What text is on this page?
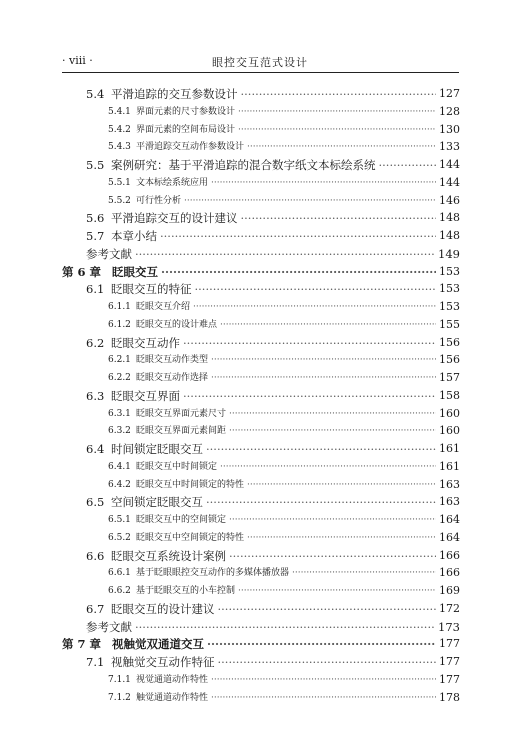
· viii ·	眼控交互范式设计
5.4 平滑追踪的交互参数设计 ·····	127
5.4.1 界面元素的尺寸参数设计 ·····	128
5.4.2 界面元素的空间布局设计 ·····	130
5.4.3 平滑追踪交互动作参数设计 ·····	133
5.5 案例研究：基于平滑追踪的混合数字纸文本标绘系统 ·····	144
5.5.1 文本标绘系统应用 ·····	144
5.5.2 可行性分析 ·····	146
5.6 平滑追踪交互的设计建议 ·····	148
5.7 本章小结 ·····	148
参考文献 ·····	149
第 6 章 眨眼交互 ·····	153
6.1 眨眼交互的特征 ·····	153
6.1.1 眨眼交互介绍 ·····	153
6.1.2 眨眼交互的设计难点 ·····	155
6.2 眨眼交互动作 ·····	156
6.2.1 眨眼交互动作类型 ·····	156
6.2.2 眨眼交互动作选择 ·····	157
6.3 眨眼交互界面 ·····	158
6.3.1 眨眼交互界面元素尺寸 ·····	160
6.3.2 眨眼交互界面元素间距 ·····	160
6.4 时间锁定眨眼交互 ·····	161
6.4.1 眨眼交互中时间锁定 ·····	161
6.4.2 眨眼交互中时间锁定的特性 ·····	163
6.5 空间锁定眨眼交互 ·····	163
6.5.1 眨眼交互中的空间锁定 ·····	164
6.5.2 眨眼交互中空间锁定的特性 ·····	164
6.6 眨眼交互系统设计案例 ·····	166
6.6.1 基于眨眼眼控交互动作的多媒体播放器 ·····	166
6.6.2 基于眨眼交互的小车控制 ·····	169
6.7 眨眼交互的设计建议 ·····	172
参考文献 ·····	173
第 7 章 视触觉双通道交互 ·····	177
7.1 视触觉交互动作特征 ·····	177
7.1.1 视觉通道动作特性 ·····	177
7.1.2 触觉通道动作特性 ·····	178
